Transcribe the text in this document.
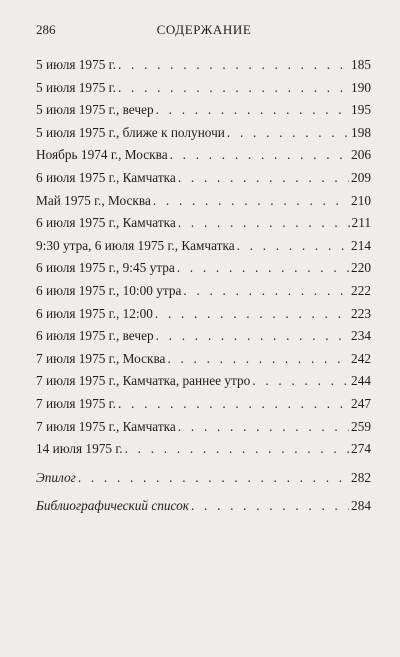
286	СОДЕРЖАНИЕ
5 июля 1975 г. . . .	185
5 июля 1975 г. . . .	190
5 июля 1975 г., вечер . . .	195
5 июля 1975 г., ближе к полуночи . . .	198
Ноябрь 1974 г., Москва . . .	206
6 июля 1975 г., Камчатка . . .	209
Май 1975 г., Москва . . .	210
6 июля 1975 г., Камчатка . . .	211
9:30 утра, 6 июля 1975 г., Камчатка . . .	214
6 июля 1975 г., 9:45 утра . . .	220
6 июля 1975 г., 10:00 утра . . .	222
6 июля 1975 г., 12:00 . . .	223
6 июля 1975 г., вечер . . .	234
7 июля 1975 г., Москва . . .	242
7 июля 1975 г., Камчатка, раннее утро . . .	244
7 июля 1975 г. . . .	247
7 июля 1975 г., Камчатка . . .	259
14 июля 1975 г. . . .	274
Эпилог . . .	282
Библиографический список . . .	284
